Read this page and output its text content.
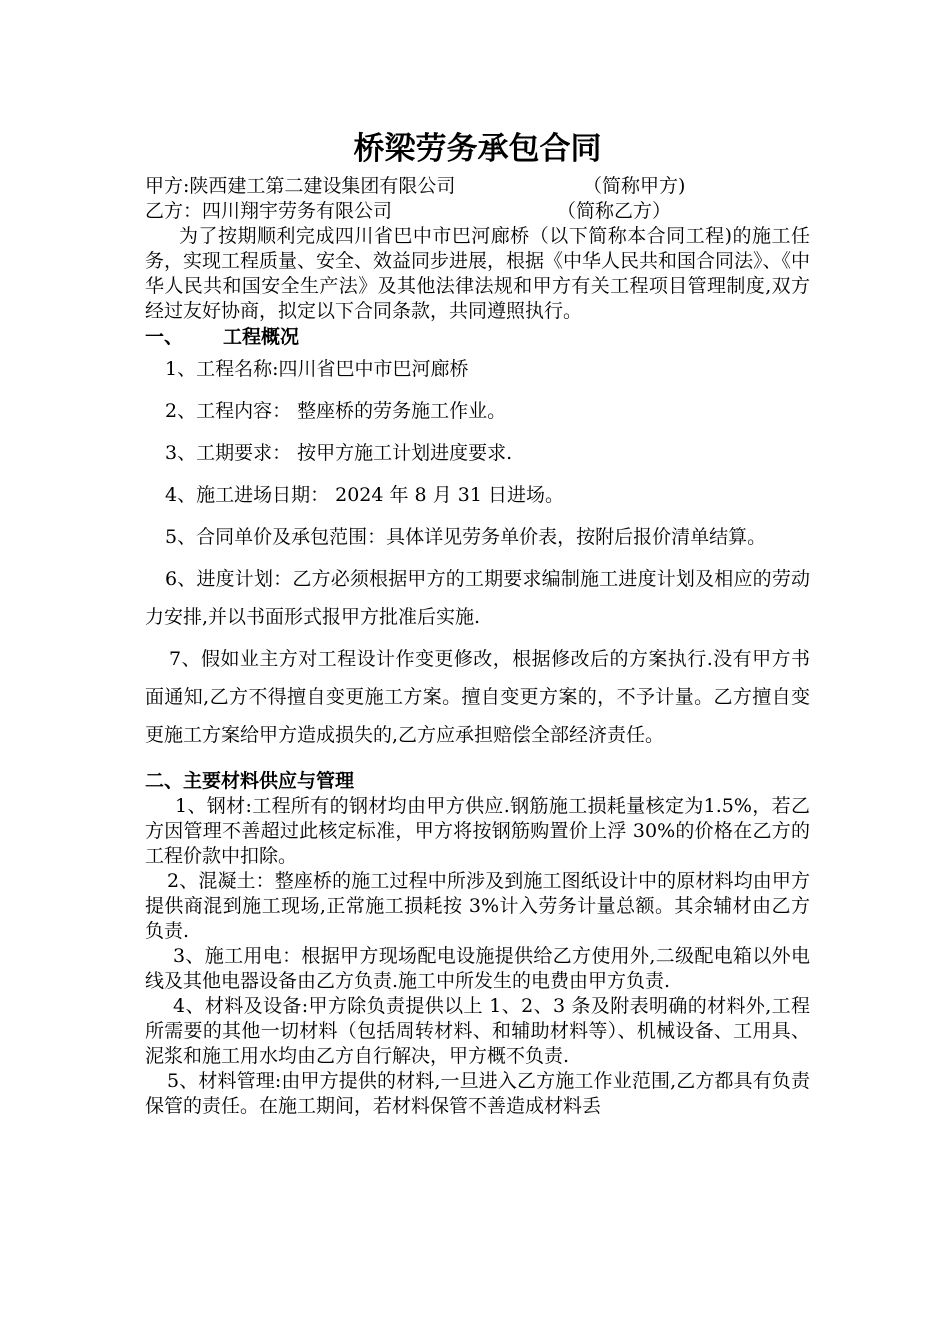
桥梁劳务承包合同
甲方:陕西建工第二建设集团有限公司	（简称甲方)
乙方：四川翔宇劳务有限公司	（简称乙方）

为了按期顺利完成四川省巴中市巴河廊桥（以下简称本合同工程)的施工任务，实现工程质量、安全、效益同步进展，根据《中华人民共和国合同法》、《中华人民共和国安全生产法》及其他法律法规和甲方有关工程项目管理制度,双方经过友好协商，拟定以下合同条款，共同遵照执行。

一、 工程概况

1、工程名称:四川省巴中市巴河廊桥

2、工程内容： 整座桥的劳务施工作业。

3、工期要求： 按甲方施工计划进度要求.

4、施工进场日期： 2024 年 8 月 31 日进场。

5、合同单价及承包范围：具体详见劳务单价表，按附后报价清单结算。

6、进度计划：乙方必须根据甲方的工期要求编制施工进度计划及相应的劳动力安排,并以书面形式报甲方批准后实施.

7、假如业主方对工程设计作变更修改，根据修改后的方案执行.没有甲方书面通知,乙方不得擅自变更施工方案。擅自变更方案的，不予计量。乙方擅自变更施工方案给甲方造成损失的,乙方应承担赔偿全部经济责任。

二、主要材料供应与管理

1、钢材:工程所有的钢材均由甲方供应.钢筋施工损耗量核定为1.5%，若乙方因管理不善超过此核定标准，甲方将按钢筋购置价上浮 30%的价格在乙方的工程价款中扣除。

2、混凝土：整座桥的施工过程中所涉及到施工图纸设计中的原材料均由甲方提供商混到施工现场,正常施工损耗按 3%计入劳务计量总额。其余辅材由乙方负责.

3、施工用电：根据甲方现场配电设施提供给乙方使用外,二级配电箱以外电线及其他电器设备由乙方负责.施工中所发生的电费由甲方负责.

4、材料及设备:甲方除负责提供以上 1、2、3 条及附表明确的材料外,工程所需要的其他一切材料（包括周转材料、和辅助材料等）、机械设备、工用具、泥浆和施工用水均由乙方自行解决，甲方概不负责.

5、材料管理:由甲方提供的材料,一旦进入乙方施工作业范围,乙方都具有负责保管的责任。在施工期间，若材料保管不善造成材料丢
